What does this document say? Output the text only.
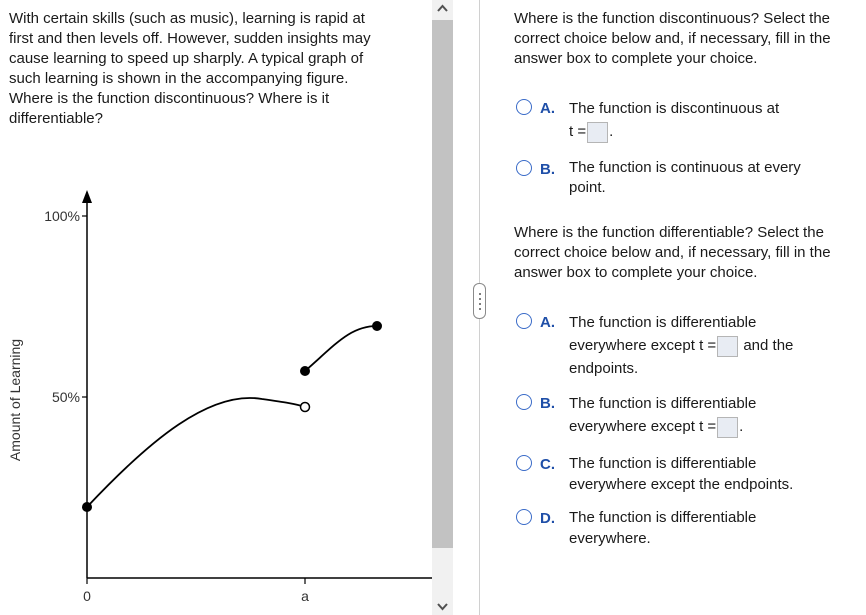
With certain skills (such as music), learning is rapid at
first and then levels off. However, sudden insights may
cause learning to speed up sharply. A typical graph of
such learning is shown in the accompanying figure.
Where is the function discontinuous? Where is it
differentiable?

Amount of Learning
100%
50%
0	a

Where is the function discontinuous? Select the
correct choice below and, if necessary, fill in the
answer box to complete your choice.

A. The function is discontinuous at
t = .
B. The function is continuous at every
point.

Where is the function differentiable? Select the
correct choice below and, if necessary, fill in the
answer box to complete your choice.

A. The function is differentiable
everywhere except t = and the
endpoints.
B. The function is differentiable
everywhere except t = .
C. The function is differentiable
everywhere except the endpoints.
D. The function is differentiable
everywhere.
